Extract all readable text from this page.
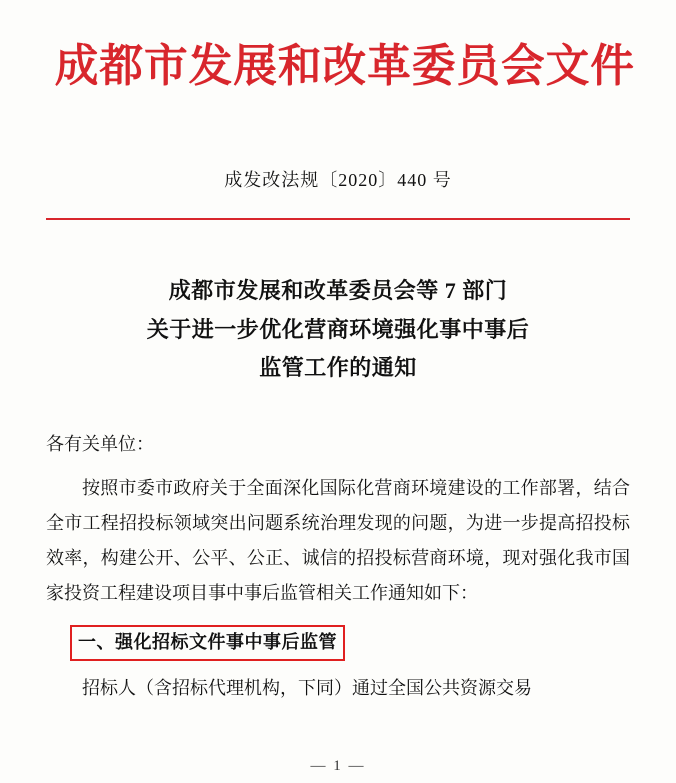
成都市发展和改革委员会文件
成发改法规〔2020〕440 号
成都市发展和改革委员会等 7 部门
关于进一步优化营商环境强化事中事后
监管工作的通知
各有关单位：
按照市委市政府关于全面深化国际化营商环境建设的工作部署，结合全市工程招投标领域突出问题系统治理发现的问题，为进一步提高招投标效率，构建公开、公平、公正、诚信的招投标营商环境，现对强化我市国家投资工程建设项目事中事后监管相关工作通知如下：
一、强化招标文件事中事后监管
招标人（含招标代理机构，下同）通过全国公共资源交易
— 1 —
